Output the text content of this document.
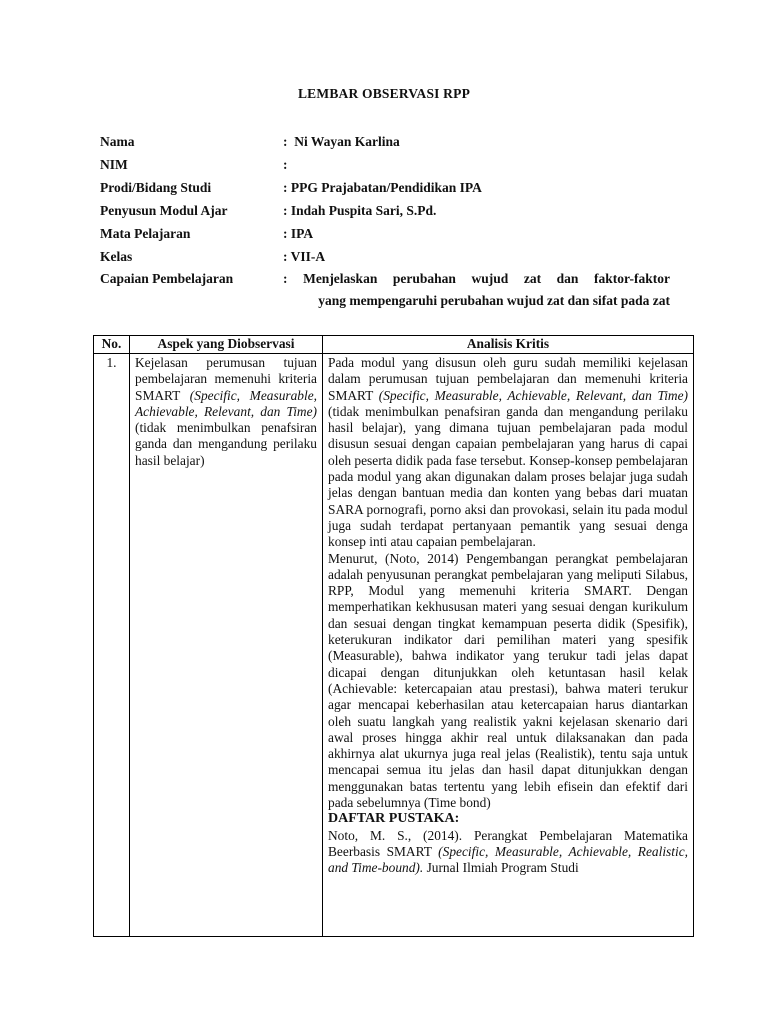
LEMBAR OBSERVASI RPP
Nama	:  Ni Wayan Karlina
NIM	:
Prodi/Bidang Studi	: PPG Prajabatan/Pendidikan IPA
Penyusun Modul Ajar	: Indah Puspita Sari, S.Pd.
Mata Pelajaran	: IPA
Kelas	: VII-A
Capaian Pembelajaran	: Menjelaskan perubahan wujud zat dan faktor-faktor
yang mempengaruhi perubahan wujud zat dan sifat pada zat
No.	Aspek yang Diobservasi	Analisis Kritis
1.	Kejelasan perumusan tujuan pembelajaran memenuhi kriteria SMART (Specific, Measurable, Achievable, Relevant, dan Time) (tidak menimbulkan penafsiran ganda dan mengandung perilaku hasil belajar)	Pada modul yang disusun oleh guru sudah memiliki kejelasan dalam perumusan tujuan pembelajaran dan memenuhi kriteria SMART (Specific, Measurable, Achievable, Relevant, dan Time) (tidak menimbulkan penafsiran ganda dan mengandung perilaku hasil belajar), yang dimana tujuan pembelajaran pada modul disusun sesuai dengan capaian pembelajaran yang harus di capai oleh peserta didik pada fase tersebut. Konsep-konsep pembelajaran pada modul yang akan digunakan dalam proses belajar juga sudah jelas dengan bantuan media dan konten yang bebas dari muatan SARA pornografi, porno aksi dan provokasi, selain itu pada modul juga sudah terdapat pertanyaan pemantik yang sesuai denga konsep inti atau capaian pembelajaran.
Menurut, (Noto, 2014) Pengembangan perangkat pembelajaran adalah penyusunan perangkat pembelajaran yang meliputi Silabus, RPP, Modul yang memenuhi kriteria SMART. Dengan memperhatikan kekhususan materi yang sesuai dengan kurikulum dan sesuai dengan tingkat kemampuan peserta didik (Spesifik), keterukuran indikator dari pemilihan materi yang spesifik (Measurable), bahwa indikator yang terukur tadi jelas dapat dicapai dengan ditunjukkan oleh ketuntasan hasil kelak (Achievable: ketercapaian atau prestasi), bahwa materi terukur agar mencapai keberhasilan atau ketercapaian harus diantarkan oleh suatu langkah yang realistik yakni kejelasan skenario dari awal proses hingga akhir real untuk dilaksanakan dan pada akhirnya alat ukurnya juga real jelas (Realistik), tentu saja untuk mencapai semua itu jelas dan hasil dapat ditunjukkan dengan menggunakan batas tertentu yang lebih efisein dan efektif dari pada sebelumnya (Time bond)
DAFTAR PUSTAKA:
Noto, M. S., (2014). Perangkat Pembelajaran Matematika Beerbasis SMART (Specific, Measurable, Achievable, Realistic, and Time-bound). Jurnal Ilmiah Program Studi
